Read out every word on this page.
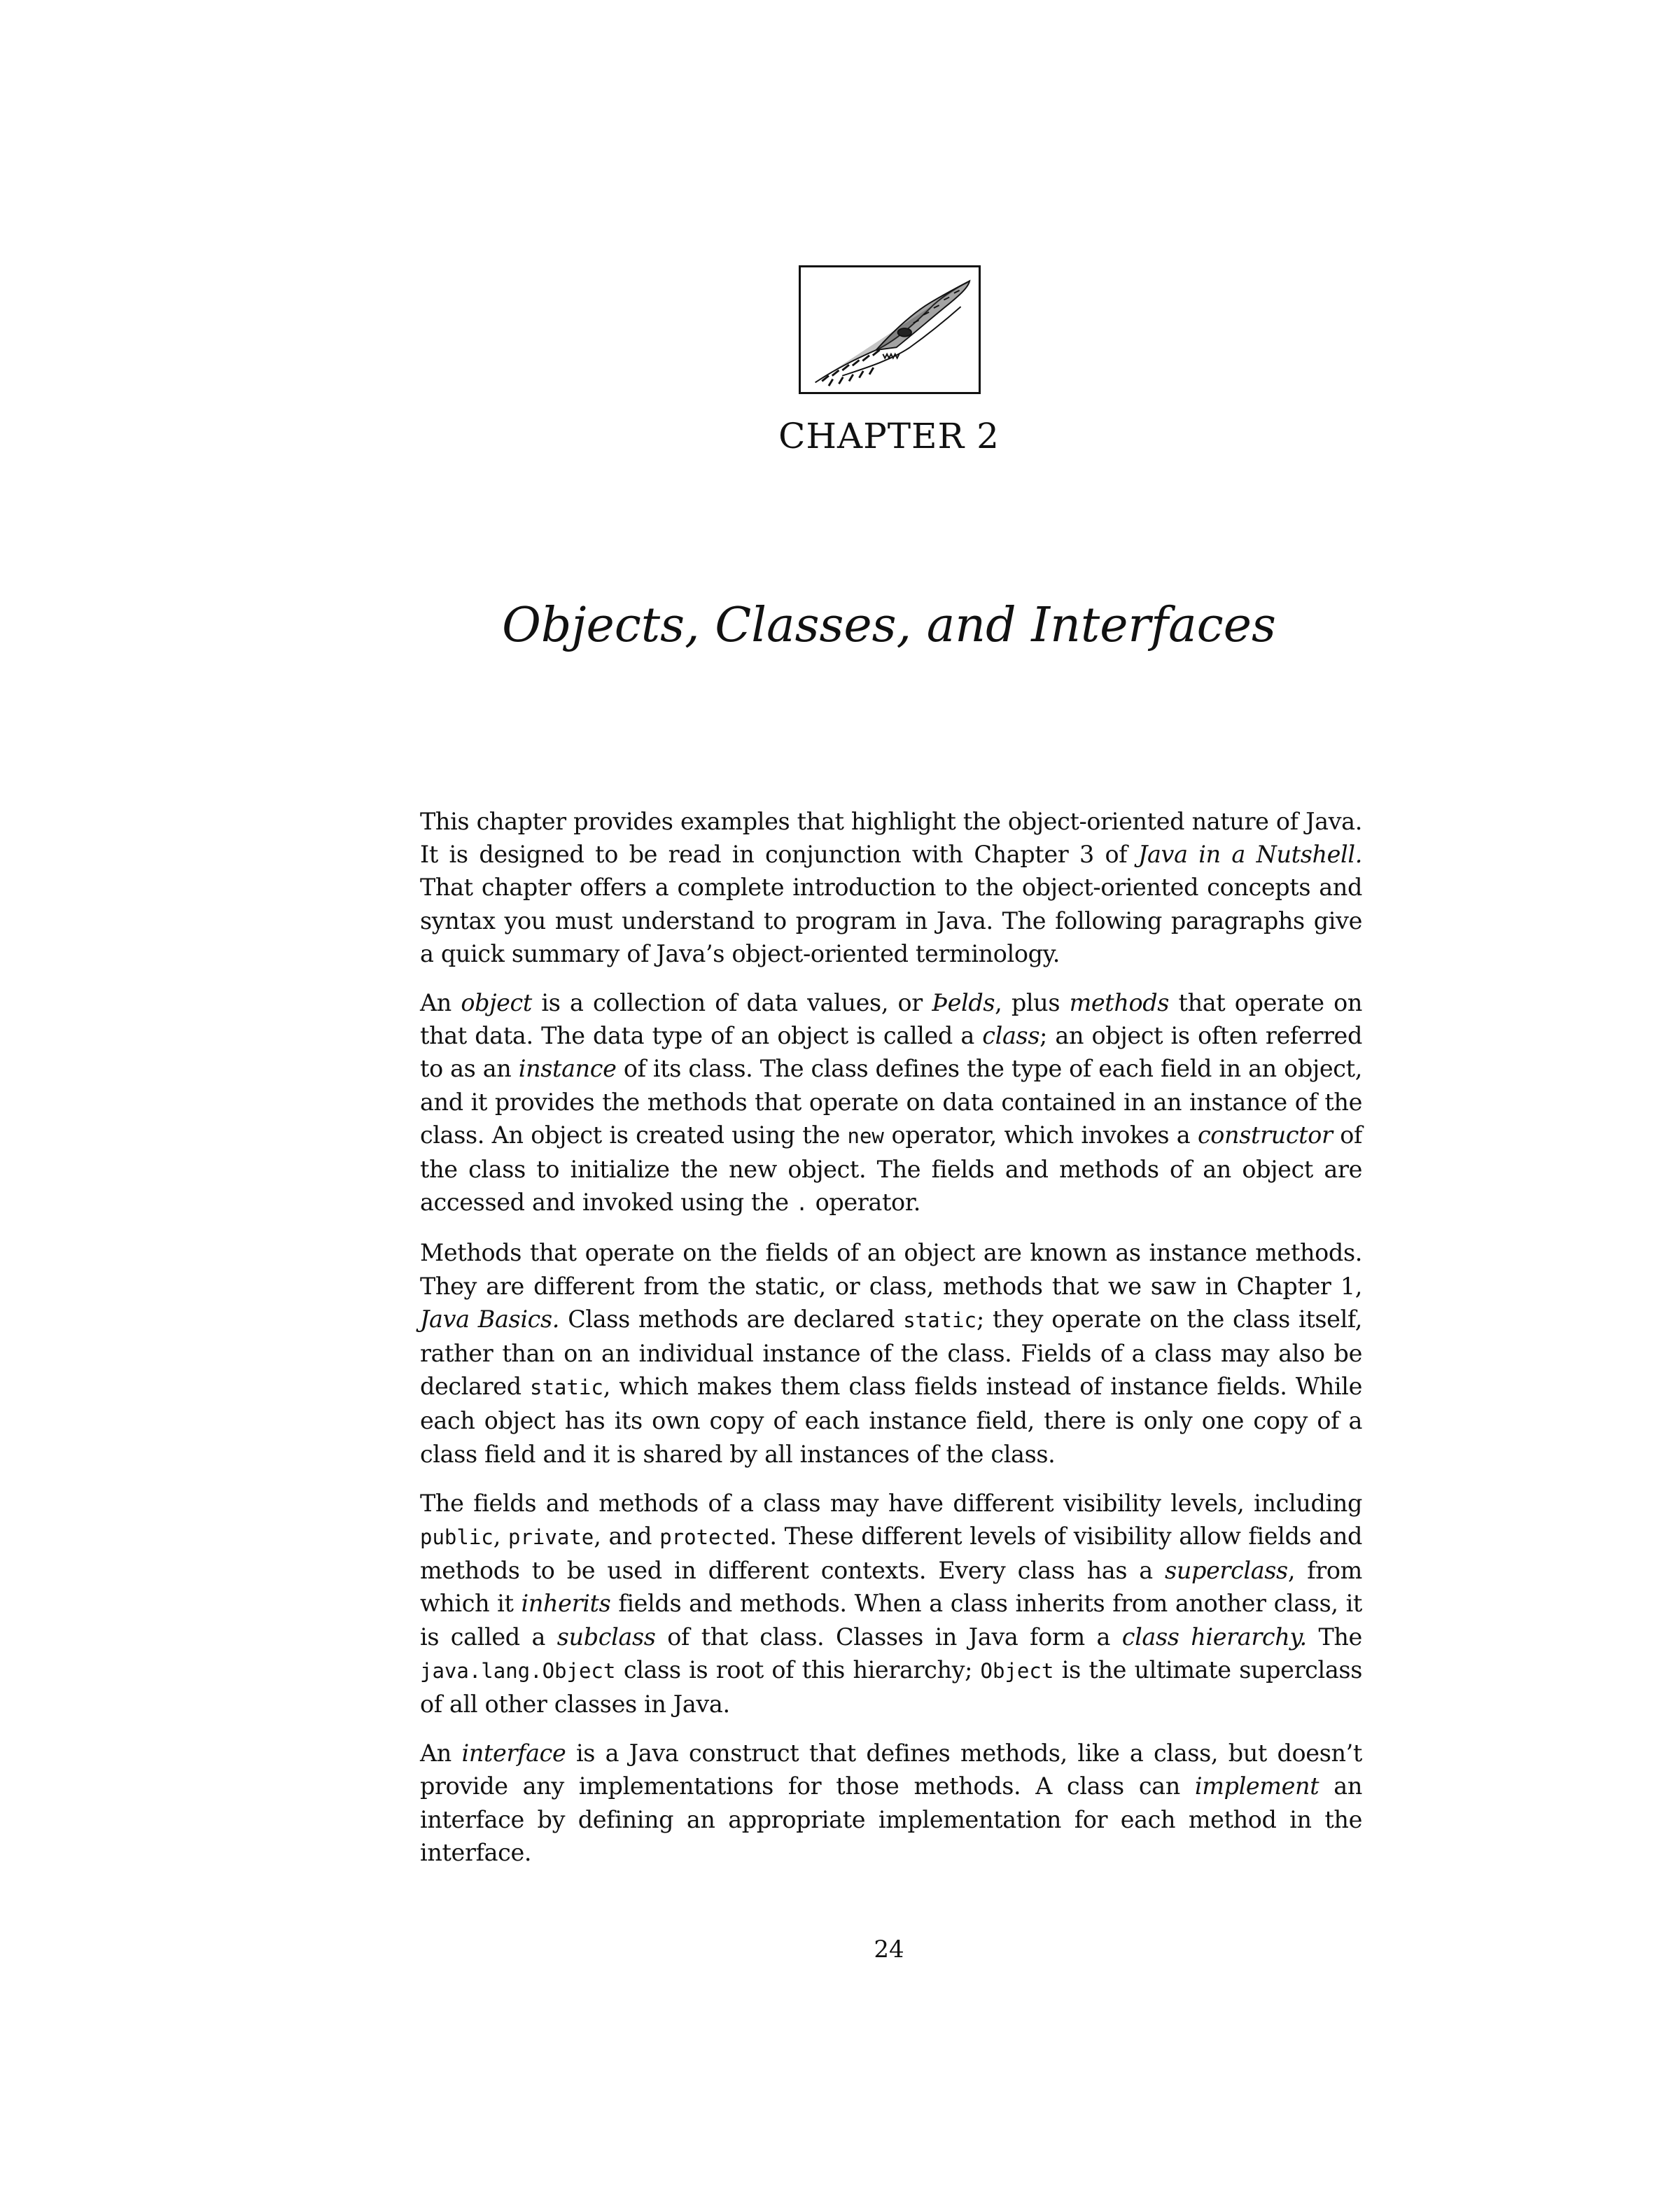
CHAPTER 2
Objects, Classes, and Interfaces

This chapter provides examples that highlight the object-oriented nature of Java. It is designed to be read in conjunction with Chapter 3 of Java in a Nutshell. That chapter offers a complete introduction to the object-oriented concepts and syntax you must understand to program in Java. The following paragraphs give a quick summary of Java’s object-oriented terminology.

An object is a collection of data values, or Þelds, plus methods that operate on that data. The data type of an object is called a class; an object is often referred to as an instance of its class. The class defines the type of each field in an object, and it provides the methods that operate on data contained in an instance of the class. An object is created using the new operator, which invokes a constructor of the class to initialize the new object. The fields and methods of an object are accessed and invoked using the . operator.

Methods that operate on the fields of an object are known as instance methods. They are different from the static, or class, methods that we saw in Chapter 1, Java Basics. Class methods are declared static; they operate on the class itself, rather than on an individual instance of the class. Fields of a class may also be declared static, which makes them class fields instead of instance fields. While each object has its own copy of each instance field, there is only one copy of a class field and it is shared by all instances of the class.

The fields and methods of a class may have different visibility levels, including public, private, and protected. These different levels of visibility allow fields and methods to be used in different contexts. Every class has a superclass, from which it inherits fields and methods. When a class inherits from another class, it is called a subclass of that class. Classes in Java form a class hierarchy. The java.lang.Object class is root of this hierarchy; Object is the ultimate superclass of all other classes in Java.

An interface is a Java construct that defines methods, like a class, but doesn’t provide any implementations for those methods. A class can implement an interface by defining an appropriate implementation for each method in the interface.

24
